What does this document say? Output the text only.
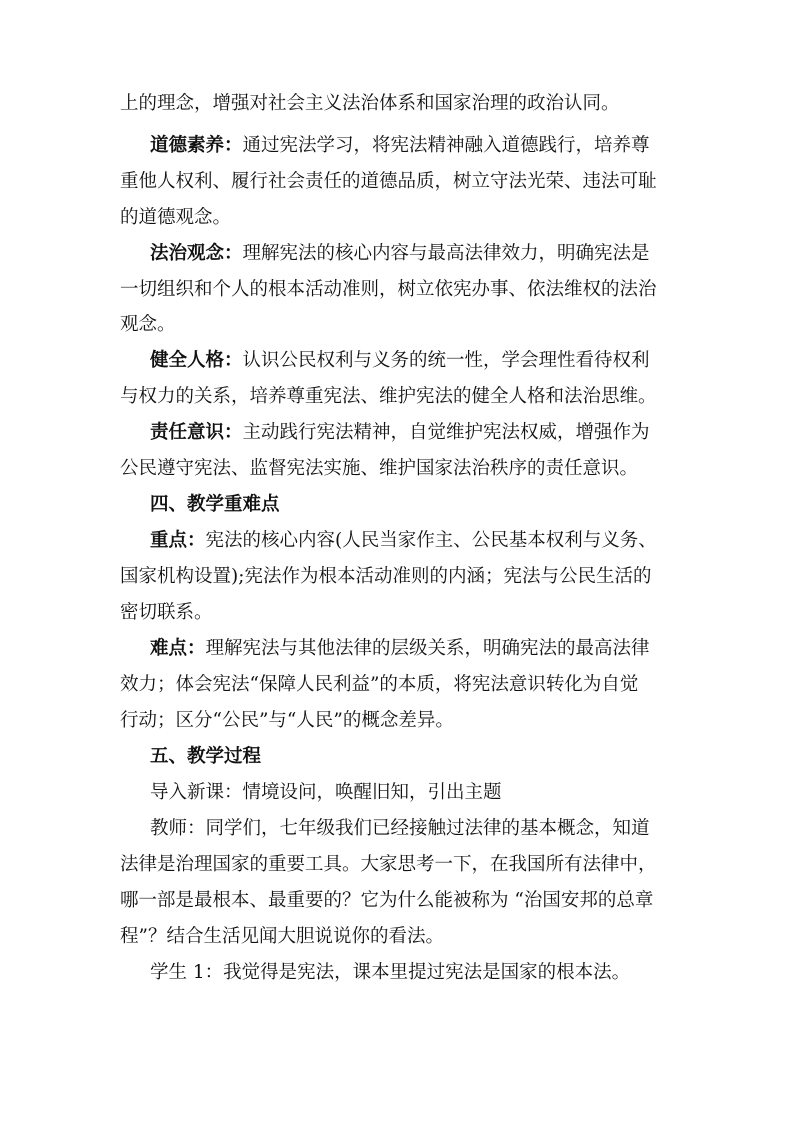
上的理念，增强对社会主义法治体系和国家治理的政治认同。
道德素养：通过宪法学习，将宪法精神融入道德践行，培养尊
重他人权利、履行社会责任的道德品质，树立守法光荣、违法可耻
的道德观念。
法治观念：理解宪法的核心内容与最高法律效力，明确宪法是
一切组织和个人的根本活动准则，树立依宪办事、依法维权的法治
观念。
健全人格：认识公民权利与义务的统一性，学会理性看待权利
与权力的关系，培养尊重宪法、维护宪法的健全人格和法治思维。
责任意识：主动践行宪法精神，自觉维护宪法权威，增强作为
公民遵守宪法、监督宪法实施、维护国家法治秩序的责任意识。
四、教学重难点
重点：宪法的核心内容(人民当家作主、公民基本权利与义务、
国家机构设置);宪法作为根本活动准则的内涵；宪法与公民生活的
密切联系。
难点：理解宪法与其他法律的层级关系，明确宪法的最高法律
效力；体会宪法“保障人民利益”的本质，将宪法意识转化为自觉
行动；区分“公民”与“人民”的概念差异。
五、教学过程
导入新课：情境设问，唤醒旧知，引出主题
教师：同学们，七年级我们已经接触过法律的基本概念，知道
法律是治理国家的重要工具。大家思考一下，在我国所有法律中，
哪一部是最根本、最重要的？它为什么能被称为 “治国安邦的总章
程”？结合生活见闻大胆说说你的看法。
学生 1：我觉得是宪法，课本里提过宪法是国家的根本法。
